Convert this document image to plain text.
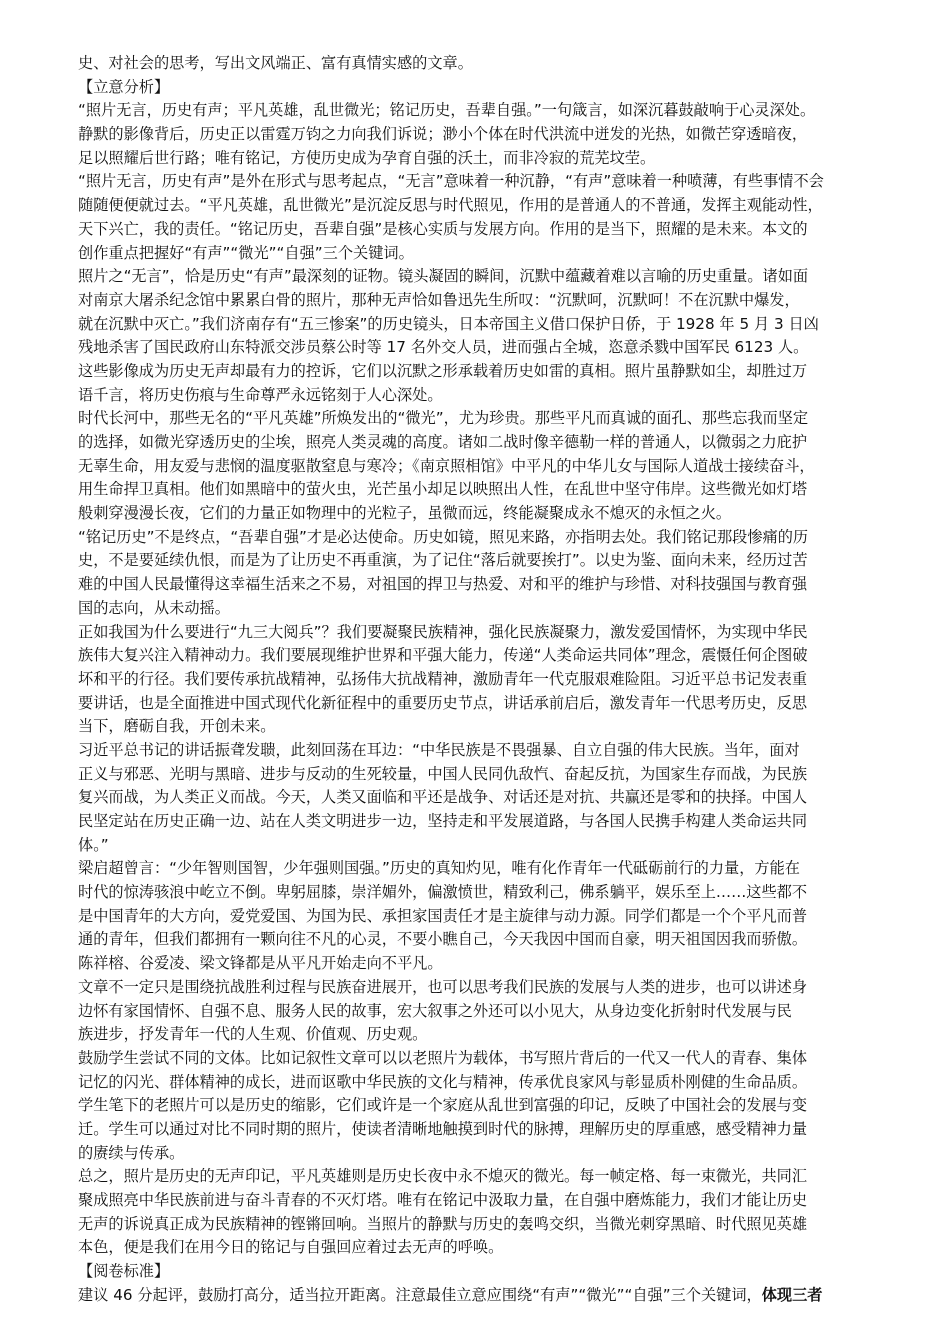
史、对社会的思考，写出文风端正、富有真情实感的文章。
【立意分析】
“照片无言，历史有声；平凡英雄，乱世微光；铭记历史，吾辈自强。”一句箴言，如深沉暮鼓敲响于心灵深处。
静默的影像背后，历史正以雷霆万钧之力向我们诉说；渺小个体在时代洪流中迸发的光热，如微芒穿透暗夜，
足以照耀后世行路；唯有铭记，方使历史成为孕育自强的沃土，而非冷寂的荒芜坟茔。
“照片无言，历史有声”是外在形式与思考起点，“无言”意味着一种沉静，“有声”意味着一种喷薄，有些事情不会
随随便便就过去。“平凡英雄，乱世微光”是沉淀反思与时代照见，作用的是普通人的不普通，发挥主观能动性，
天下兴亡，我的责任。“铭记历史，吾辈自强”是核心实质与发展方向。作用的是当下，照耀的是未来。本文的
创作重点把握好“有声”“微光”“自强”三个关键词。
照片之“无言”，恰是历史“有声”最深刻的证物。镜头凝固的瞬间，沉默中蕴藏着难以言喻的历史重量。诸如面
对南京大屠杀纪念馆中累累白骨的照片，那种无声恰如鲁迅先生所叹：“沉默呵，沉默呵！不在沉默中爆发，
就在沉默中灭亡。”我们济南存有“五三惨案”的历史镜头，日本帝国主义借口保护日侨，于 1928 年 5 月 3 日凶
残地杀害了国民政府山东特派交涉员蔡公时等 17 名外交人员，进而强占全城，恣意杀戮中国军民 6123 人。
这些影像成为历史无声却最有力的控诉，它们以沉默之形承载着历史如雷的真相。照片虽静默如尘，却胜过万
语千言，将历史伤痕与生命尊严永远铭刻于人心深处。
时代长河中，那些无名的“平凡英雄”所焕发出的“微光”，尤为珍贵。那些平凡而真诚的面孔、那些忘我而坚定
的选择，如微光穿透历史的尘埃，照亮人类灵魂的高度。诸如二战时像辛德勒一样的普通人，以微弱之力庇护
无辜生命，用友爱与悲悯的温度驱散窒息与寒冷；《南京照相馆》中平凡的中华儿女与国际人道战士接续奋斗，
用生命捍卫真相。他们如黑暗中的萤火虫，光芒虽小却足以映照出人性，在乱世中坚守伟岸。这些微光如灯塔
般刺穿漫漫长夜，它们的力量正如物理中的光粒子，虽微而远，终能凝聚成永不熄灭的永恒之火。
“铭记历史”不是终点，“吾辈自强”才是必达使命。历史如镜，照见来路，亦指明去处。我们铭记那段惨痛的历
史，不是要延续仇恨，而是为了让历史不再重演，为了记住“落后就要挨打”。以史为鉴、面向未来，经历过苦
难的中国人民最懂得这幸福生活来之不易，对祖国的捍卫与热爱、对和平的维护与珍惜、对科技强国与教育强
国的志向，从未动摇。
正如我国为什么要进行“九三大阅兵”？我们要凝聚民族精神，强化民族凝聚力，激发爱国情怀，为实现中华民
族伟大复兴注入精神动力。我们要展现维护世界和平强大能力，传递“人类命运共同体”理念，震慑任何企图破
坏和平的行径。我们要传承抗战精神，弘扬伟大抗战精神，激励青年一代克服艰难险阻。习近平总书记发表重
要讲话，也是全面推进中国式现代化新征程中的重要历史节点，讲话承前启后，激发青年一代思考历史，反思
当下，磨砺自我，开创未来。
习近平总书记的讲话振聋发聩，此刻回荡在耳边：“中华民族是不畏强暴、自立自强的伟大民族。当年，面对
正义与邪恶、光明与黑暗、进步与反动的生死较量，中国人民同仇敌忾、奋起反抗，为国家生存而战，为民族
复兴而战，为人类正义而战。今天，人类又面临和平还是战争、对话还是对抗、共赢还是零和的抉择。中国人
民坚定站在历史正确一边、站在人类文明进步一边，坚持走和平发展道路，与各国人民携手构建人类命运共同
体。”
梁启超曾言：“少年智则国智，少年强则国强。”历史的真知灼见，唯有化作青年一代砥砺前行的力量，方能在
时代的惊涛骇浪中屹立不倒。卑躬屈膝，崇洋媚外，偏激愤世，精致利己，佛系躺平，娱乐至上……这些都不
是中国青年的大方向，爱党爱国、为国为民、承担家国责任才是主旋律与动力源。同学们都是一个个平凡而普
通的青年，但我们都拥有一颗向往不凡的心灵，不要小瞧自己，今天我因中国而自豪，明天祖国因我而骄傲。
陈祥榕、谷爱凌、梁文锋都是从平凡开始走向不平凡。
文章不一定只是围绕抗战胜利过程与民族奋进展开，也可以思考我们民族的发展与人类的进步，也可以讲述身
边怀有家国情怀、自强不息、服务人民的故事，宏大叙事之外还可以小见大，从身边变化折射时代发展与民
族进步，抒发青年一代的人生观、价值观、历史观。
鼓励学生尝试不同的文体。比如记叙性文章可以以老照片为载体，书写照片背后的一代又一代人的青春、集体
记忆的闪光、群体精神的成长，进而讴歌中华民族的文化与精神，传承优良家风与彰显质朴刚健的生命品质。
学生笔下的老照片可以是历史的缩影，它们或许是一个家庭从乱世到富强的印记，反映了中国社会的发展与变
迁。学生可以通过对比不同时期的照片，使读者清晰地触摸到时代的脉搏，理解历史的厚重感，感受精神力量
的赓续与传承。
总之，照片是历史的无声印记，平凡英雄则是历史长夜中永不熄灭的微光。每一帧定格、每一束微光，共同汇
聚成照亮中华民族前进与奋斗青春的不灭灯塔。唯有在铭记中汲取力量，在自强中磨炼能力，我们才能让历史
无声的诉说真正成为民族精神的铿锵回响。当照片的静默与历史的轰鸣交织，当微光刺穿黑暗、时代照见英雄
本色，便是我们在用今日的铭记与自强回应着过去无声的呼唤。
【阅卷标准】
建议 46 分起评，鼓励打高分，适当拉开距离。注意最佳立意应围绕“有声”“微光”“自强”三个关键词，体现三者
